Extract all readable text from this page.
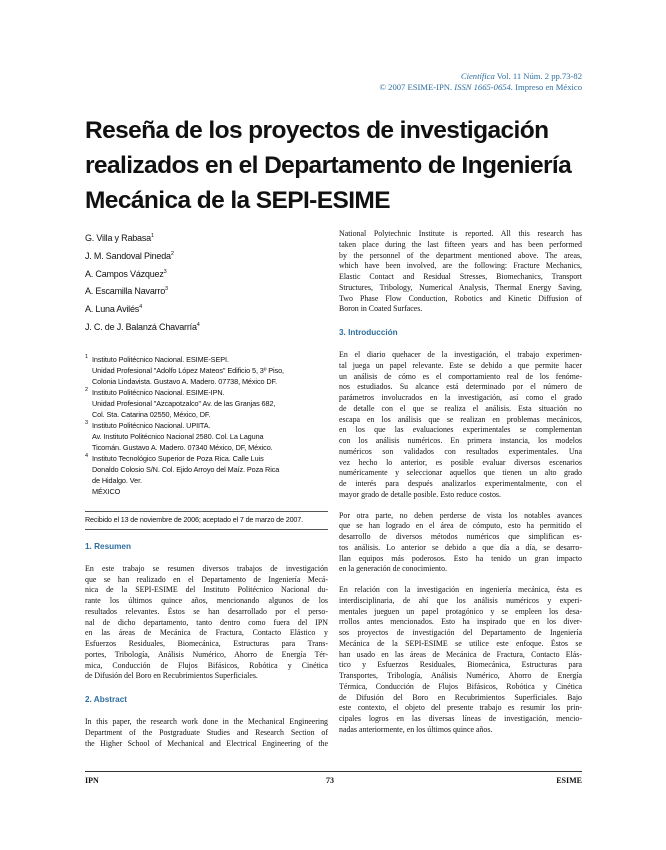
Científica Vol. 11 Núm. 2 pp.73-82
© 2007 ESIME-IPN. ISSN 1665-0654. Impreso en México
Reseña de los proyectos de investigación
realizados en el Departamento de Ingeniería
Mecánica de la SEPI-ESIME
G. Villa y Rabasa$^1$
J. M. Sandoval Pineda$^2$
A. Campos Vázquez$^3$
A. Escamilla Navarro$^3$
A. Luna Avilés$^4$
J. C. de J. Balanzá Chavarría$^4$
1 Instituto Politécnico Nacional. ESIME-SEPI.
Unidad Profesional "Adolfo López Mateos" Edificio 5, 3º Piso,
Colonia Lindavista. Gustavo A. Madero. 07738, México DF.
2 Instituto Politécnico Nacional. ESIME-IPN.
Unidad Profesional "Azcapotzalco" Av. de las Granjas 682,
Col. Sta. Catarina 02550, México, DF.
3 Instituto Politécnico Nacional. UPIITA.
Av. Instituto Politécnico Nacional 2580. Col. La Laguna
Ticomán. Gustavo A. Madero. 07340 México, DF, México.
4 Instituto Tecnológico Superior de Poza Rica. Calle Luis
Donaldo Colosio S/N. Col. Ejido Arroyo del Maíz. Poza Rica
de Hidalgo. Ver.
MÉXICO
Recibido el 13 de noviembre de 2006; aceptado el 7 de marzo de 2007.
1. Resumen
En este trabajo se resumen diversos trabajos de investigación
que se han realizado en el Departamento de Ingeniería Mecá-
nica de la SEPI-ESIME del Instituto Politécnico Nacional du-
rante los últimos quince años, mencionando algunos de los
resultados relevantes. Éstos se han desarrollado por el perso-
nal de dicho departamento, tanto dentro como fuera del IPN
en las áreas de Mecánica de Fractura, Contacto Elástico y
Esfuerzos Residuales, Biomecánica, Estructuras para Trans-
portes, Tribología, Análisis Numérico, Ahorro de Energía Tér-
mica, Conducción de Flujos Bifásicos, Robótica y Cinética
de Difusión del Boro en Recubrimientos Superficiales.
2. Abstract
In this paper, the research work done in the Mechanical Engineering
Department of the Postgraduate Studies and Research Section of
the Higher School of Mechanical and Electrical Engineering of the
National Polytechnic Institute is reported. All this research has
taken place during the last fifteen years and has been performed
by the personnel of the department mentioned above. The areas,
which have been involved, are the following: Fracture Mechanics,
Elastic Contact and Residual Stresses, Biomechanics, Transport
Structures, Tribology, Numerical Analysis, Thermal Energy Saving,
Two Phase Flow Conduction, Robotics and Kinetic Diffusion of
Boron in Coated Surfaces.
3. Introducción
En el diario quehacer de la investigación, el trabajo experimen-
tal juega un papel relevante. Este se debido a que permite hacer
un análisis de cómo es el comportamiento real de los fenóme-
nos estudiados. Su alcance está determinado por el número de
parámetros involucrados en la investigación, así como el grado
de detalle con el que se realiza el análisis. Esta situación no
escapa en los análisis que se realizan en problemas mecánicos,
en los que las evaluaciones experimentales se complementan
con los análisis numéricos. En primera instancia, los modelos
numéricos son validados con resultados experimentales. Una
vez hecho lo anterior, es posible evaluar diversos escenarios
numéricamente y seleccionar aquellos que tienen un alto grado
de interés para después analizarlos experimentalmente, con el
mayor grado de detalle posible. Esto reduce costos.
Por otra parte, no deben perderse de vista los notables avances
que se han logrado en el área de cómputo, esto ha permitido el
desarrollo de diversos métodos numéricos que simplifican es-
tos análisis. Lo anterior se debido a que día a día, se desarro-
llan equipos más poderosos. Esto ha tenido un gran impacto
en la generación de conocimiento.
En relación con la investigación en ingeniería mecánica, ésta es
interdisciplinaria, de ahí que los análisis numéricos y experi-
mentales jueguen un papel protagónico y se empleen los desa-
rrollos antes mencionados. Esto ha inspirado que en los diver-
sos proyectos de investigación del Departamento de Ingeniería
Mecánica de la SEPI-ESIME se utilice este enfoque. Éstos se
han usado en las áreas de Mecánica de Fractura, Contacto Elás-
tico y Esfuerzos Residuales, Biomecánica, Estructuras para
Transportes, Tribología, Análisis Numérico, Ahorro de Energía
Térmica, Conducción de Flujos Bifásicos, Robótica y Cinética
de Difusión del Boro en Recubrimientos Superficiales. Bajo
este contexto, el objeto del presente trabajo es resumir los prin-
cipales logros en las diversas líneas de investigación, mencio-
nadas anteriormente, en los últimos quince años.
IPN	73	ESIME
